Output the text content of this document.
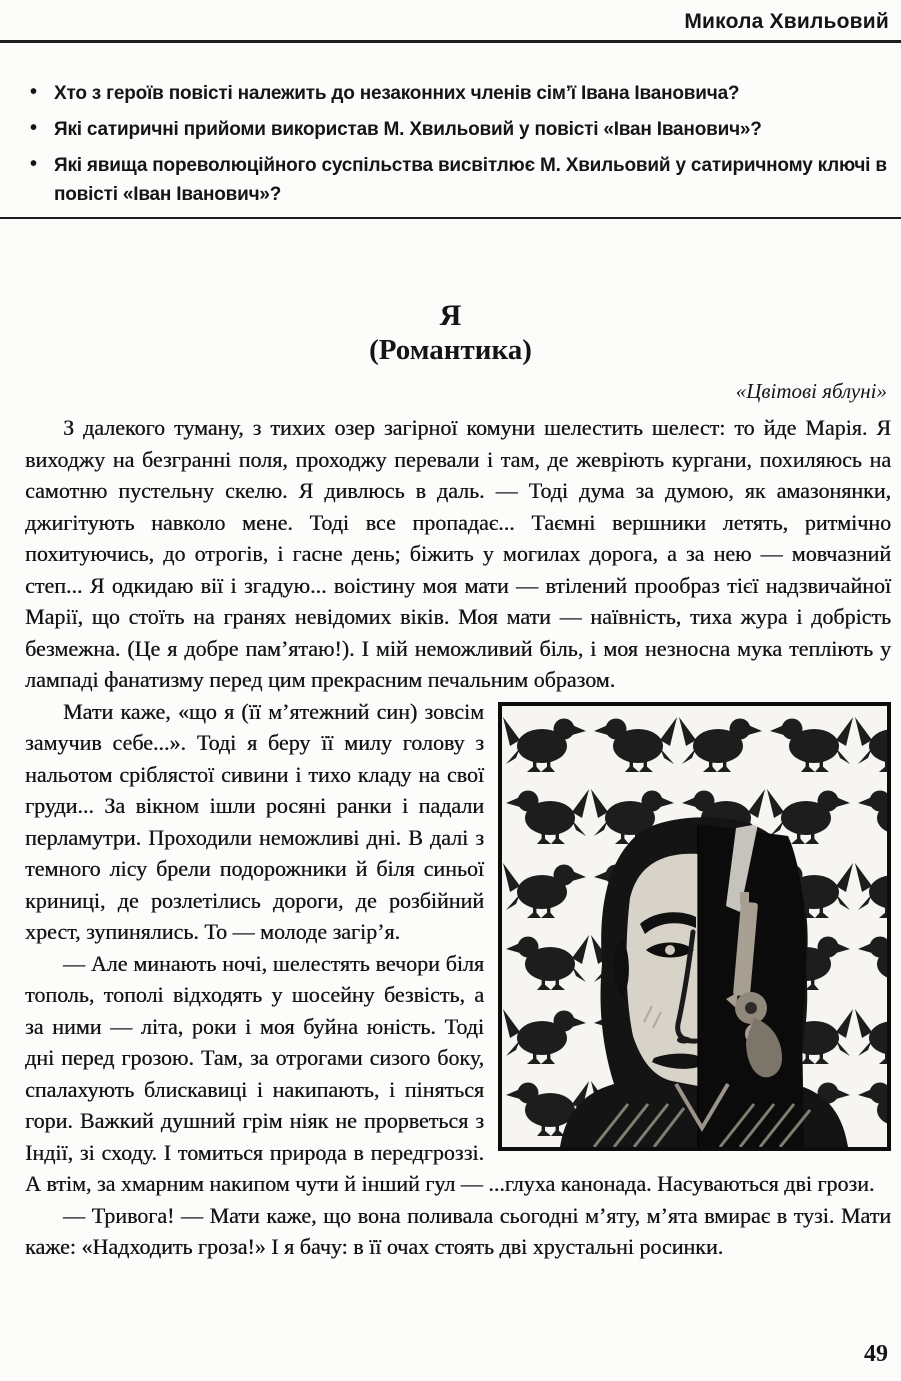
Микола Хвильовий
• Хто з героїв повісті належить до незаконних членів сім’ї Івана Івановича?
• Які сатиричні прийоми використав М. Хвильовий у повісті «Іван Іванович»?
• Які явища пореволюційного суспільства висвітлює М. Хвильовий у сатиричному ключі в повісті «Іван Іванович»?
Я
(Романтика)
«Цвітові яблуні»

З далекого туману, з тихих озер загірної комуни шелестить шелест: то йде Марія. Я виходжу на безгранні поля, проходжу перевали і там, де жевріють кургани, похиляюсь на самотню пустельну скелю. Я дивлюсь в даль. — Тоді дума за думою, як амазонянки, джигітують навколо мене. Тоді все пропадає... Таємні вершники летять, ритмічно похитуючись, до отрогів, і гасне день; біжить у могилах дорога, а за нею — мовчазний степ... Я одкидаю вії і згадую... воістину моя мати — втілений прообраз тієї надзвичайної Марії, що стоїть на гранях невідомих віків. Моя мати — наївність, тиха жура і добрість безмежна. (Це я добре пам’ятаю!). І мій неможливий біль, і моя незносна мука тепліють у лампаді фанатизму перед цим прекрасним печальним образом.

Мати каже, «що я (її м’ятежний син) зовсім замучив себе...». Тоді я беру її милу голову з нальотом сріблястої сивини і тихо кладу на свої груди... За вікном ішли росяні ранки і падали перламутри. Проходили неможливі дні. В далі з темного лісу брели подорожники й біля синьої криниці, де розлетілись дороги, де розбійний хрест, зупинялись. То — молоде загір’я.

— Але минають ночі, шелестять вечори біля тополь, тополі відходять у шосейну безвість, а за ними — літа, роки і моя буйна юність. Тоді дні перед грозою. Там, за отрогами сизого боку, спалахують блискавиці і накипають, і піняться гори. Важкий душний грім ніяк не прорветься з Індії, зі сходу. І томиться природа в передгроззі. А втім, за хмарним накипом чути й інший гул — ...глуха канонада. Насуваються дві грози.

— Тривога! — Мати каже, що вона поливала сьогодні м’яту, м’ята вмирає в тузі. Мати каже: «Надходить гроза!» І я бачу: в її очах стоять дві хрустальні росинки.

49
